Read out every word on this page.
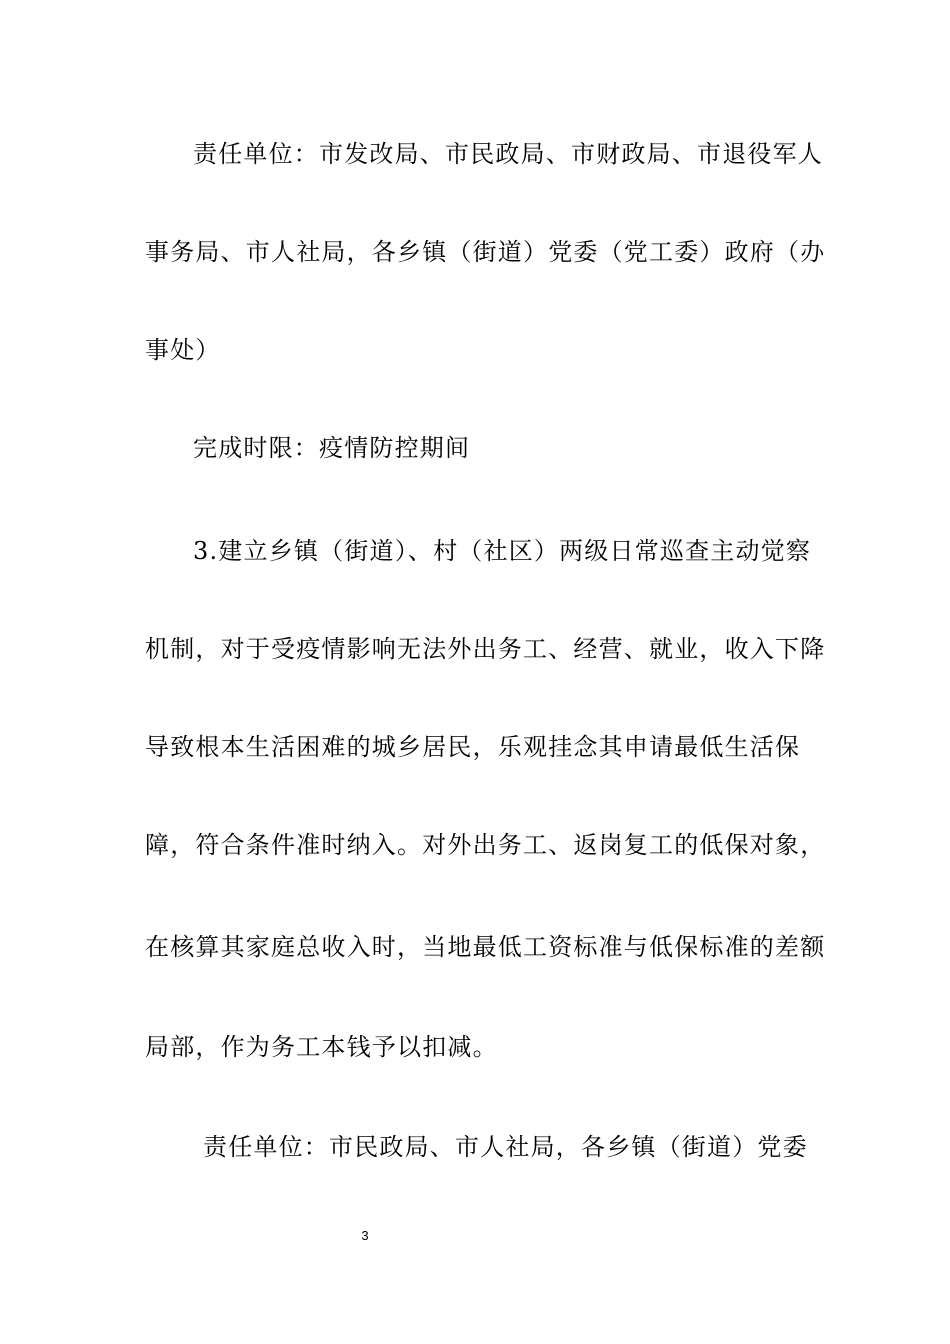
责任单位：市发改局、市民政局、市财政局、市退役军人
事务局、市人社局，各乡镇（街道）党委（党工委）政府（办
事处）
完成时限：疫情防控期间
3.建立乡镇（街道）、村（社区）两级日常巡查主动觉察
机制，对于受疫情影响无法外出务工、经营、就业，收入下降
导致根本生活困难的城乡居民，乐观挂念其申请最低生活保
障，符合条件准时纳入。对外出务工、返岗复工的低保对象，
在核算其家庭总收入时，当地最低工资标准与低保标准的差额
局部，作为务工本钱予以扣减。
责任单位：市民政局、市人社局，各乡镇（街道）党委
3
